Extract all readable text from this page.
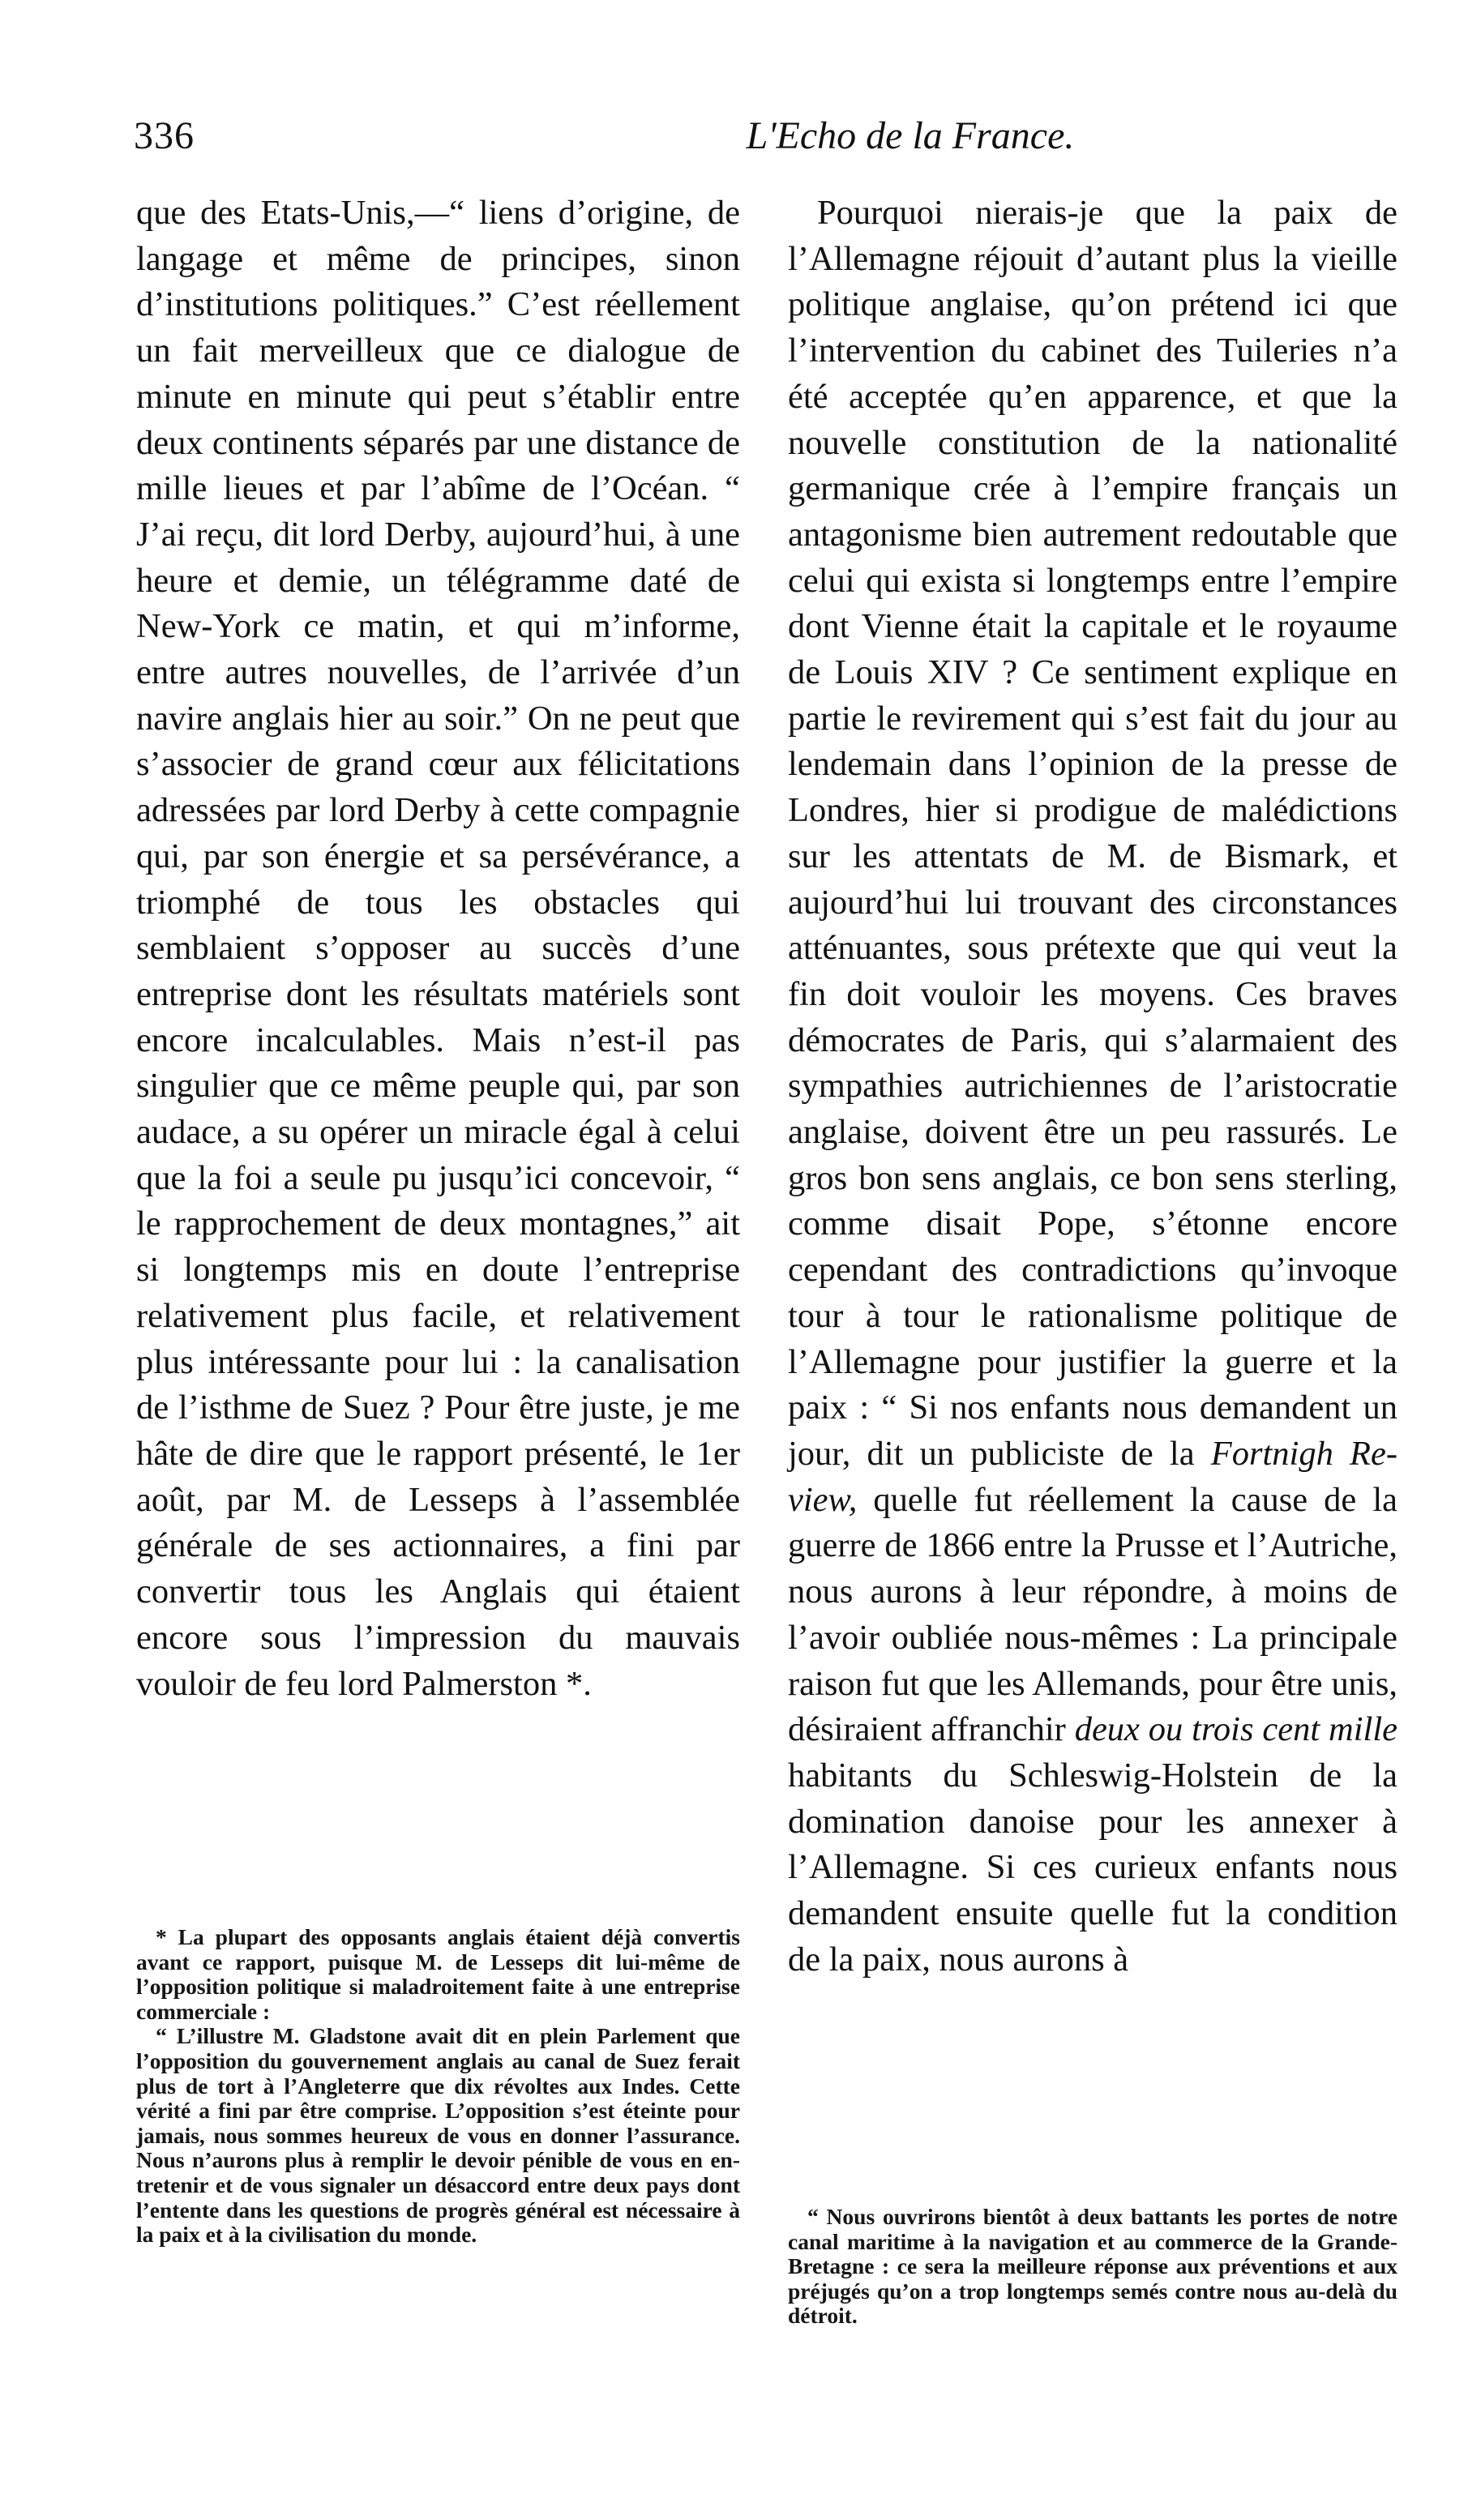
336	L'Echo de la France.

que des Etats-Unis,—“ liens d’origine, de langage et même de principes, sinon d’institutions politiques.” C’est réellement un fait merveilleux que ce dialogue de minute en minute qui peut s’établir entre deux continents séparés par une distance de mille lieues et par l’abîme de l’Océan. “ J’ai reçu, dit lord Derby, aujourd’hui, à une heure et demie, un télégramme daté de New-York ce matin, et qui m’informe, entre autres nouvelles, de l’arrivée d’un navire anglais hier au soir.” On ne peut que s’associer de grand cœur aux félicitations adressées par lord Derby à cette compagnie qui, par son énergie et sa persévérance, a triomphé de tous les obstacles qui semblaient s’opposer au succès d’une entreprise dont les résultats matériels sont encore incalculables. Mais n’est-il pas singulier que ce même peuple qui, par son audace, a su opérer un miracle égal à celui que la foi a seule pu jusqu’ici concevoir, “ le rapprochement de deux montagnes,” ait si longtemps mis en doute l’entreprise relativement plus facile, et relativement plus intéressante pour lui : la canalisation de l’isthme de Suez ? Pour être juste, je me hâte de dire que le rapport présenté, le 1er août, par M. de Lesseps à l’assemblée générale de ses actionnaires, a fini par convertir tous les Anglais qui étaient encore sous l’impression du mauvais vouloir de feu lord Palmerston *.

* La plupart des opposants anglais étaient déjà convertis avant ce rapport, puisque M. de Lesseps dit lui-même de l’opposition politique si maladroitement faite à une entreprise commerciale :

“ L’illustre M. Gladstone avait dit en plein Parlement que l’opposition du gouvernement anglais au canal de Suez ferait plus de tort à l’Angleterre que dix révoltes aux Indes. Cette vérité a fini par être comprise. L’opposition s’est éteinte pour jamais, nous sommes heureux de vous en donner l’assurance. Nous n’aurons plus à remplir le devoir pénible de vous en entretenir et de vous signaler un désaccord entre deux pays dont l’entente dans les questions de progrès général est nécessaire à la paix et à la civilisation du monde.

Pourquoi nierais-je que la paix de l’Allemagne réjouit d’autant plus la vieille politique anglaise, qu’on prétend ici que l’intervention du cabinet des Tuileries n’a été acceptée qu’en apparence, et que la nouvelle constitution de la nationalité germanique crée à l’empire français un antagonisme bien autrement redoutable que celui qui exista si longtemps entre l’empire dont Vienne était la capitale et le royaume de Louis XIV ? Ce sentiment explique en partie le revirement qui s’est fait du jour au lendemain dans l’opinion de la presse de Londres, hier si prodigue de malédictions sur les attentats de M. de Bismark, et aujourd’hui lui trouvant des circonstances atténuantes, sous prétexte que qui veut la fin doit vouloir les moyens. Ces braves démocrates de Paris, qui s’alarmaient des sympathies autrichiennes de l’aristocratie anglaise, doivent être un peu rassurés. Le gros bon sens anglais, ce bon sens sterling, comme disait Pope, s’étonne encore cependant des contradictions qu’invoque tour à tour le rationalisme politique de l’Allemagne pour justifier la guerre et la paix : “ Si nos enfants nous demandent un jour, dit un publiciste de la Fortnigh Review, quelle fut réellement la cause de la guerre de 1866 entre la Prusse et l’Autriche, nous aurons à leur répondre, à moins de l’avoir oubliée nous-mêmes : La principale raison fut que les Allemands, pour être unis, désiraient affranchir deux ou trois cent mille habitants du Schleswig-Holstein de la domination danoise pour les annexer à l’Allemagne. Si ces curieux enfants nous demandent ensuite quelle fut la condition de la paix, nous aurons à

“ Nous ouvrirons bientôt à deux battants les portes de notre canal maritime à la navigation et au commerce de la Grande-Bretagne : ce sera la meilleure réponse aux préventions et aux préjugés qu’on a trop longtemps semés contre nous au-delà du détroit.
